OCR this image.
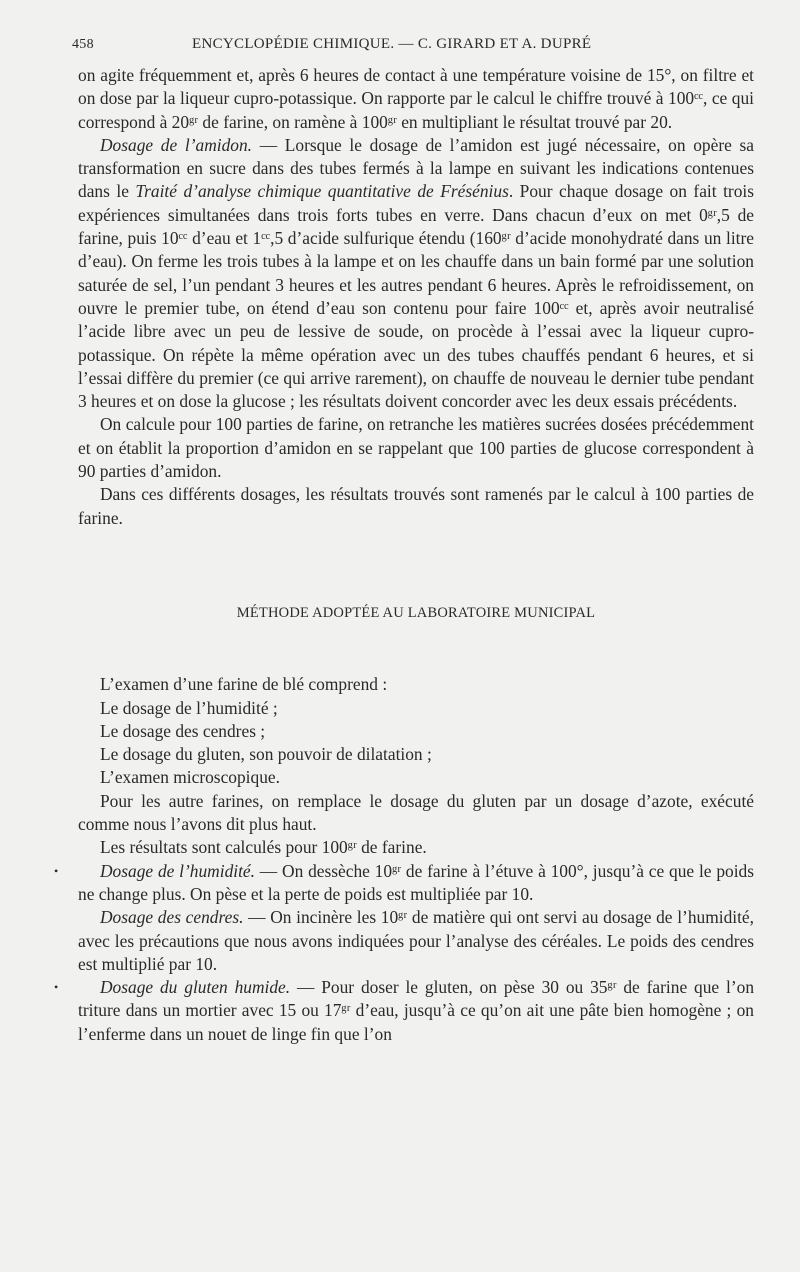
458	ENCYCLOPÉDIE CHIMIQUE. — C. GIRARD ET A. DUPRÉ

on agite fréquemment et, après 6 heures de contact à une température voisine de 15°, on filtre et on dose par la liqueur cupro-potassique. On rapporte par le calcul le chiffre trouvé à 100ᶜᶜ, ce qui correspond à 20ᵍʳ de farine, on ramène à 100ᵍʳ en multipliant le résultat trouvé par 20.

Dosage de l’amidon. — Lorsque le dosage de l’amidon est jugé nécessaire, on opère sa transformation en sucre dans des tubes fermés à la lampe en suivant les indications contenues dans le Traité d’analyse chimique quantitative de Frésénius. Pour chaque dosage on fait trois expériences simultanées dans trois forts tubes en verre. Dans chacun d’eux on met 0ᵍʳ,5 de farine, puis 10ᶜᶜ d’eau et 1ᶜᶜ,5 d’acide sulfurique étendu (160ᵍʳ d’acide monohydraté dans un litre d’eau). On ferme les trois tubes à la lampe et on les chauffe dans un bain formé par une solution saturée de sel, l’un pendant 3 heures et les autres pendant 6 heures. Après le refroidissement, on ouvre le premier tube, on étend d’eau son contenu pour faire 100ᶜᶜ et, après avoir neutralisé l’acide libre avec un peu de lessive de soude, on procède à l’essai avec la liqueur cupro-potassique. On répète la même opération avec un des tubes chauffés pendant 6 heures, et si l’essai diffère du premier (ce qui arrive rarement), on chauffe de nouveau le dernier tube pendant 3 heures et on dose la glucose ; les résultats doivent concorder avec les deux essais précédents.

On calcule pour 100 parties de farine, on retranche les matières sucrées dosées précédemment et on établit la proportion d’amidon en se rappelant que 100 parties de glucose correspondent à 90 parties d’amidon.

Dans ces différents dosages, les résultats trouvés sont ramenés par le calcul à 100 parties de farine.

MÉTHODE ADOPTÉE AU LABORATOIRE MUNICIPAL

L’examen d’une farine de blé comprend :

Le dosage de l’humidité ;

Le dosage des cendres ;

Le dosage du gluten, son pouvoir de dilatation ;

L’examen microscopique.

Pour les autre farines, on remplace le dosage du gluten par un dosage d’azote, exécuté comme nous l’avons dit plus haut.

Les résultats sont calculés pour 100ᵍʳ de farine.

• Dosage de l’humidité. — On dessèche 10ᵍʳ de farine à l’étuve à 100°, jusqu’à ce que le poids ne change plus. On pèse et la perte de poids est multipliée par 10.

Dosage des cendres. — On incinère les 10ᵍʳ de matière qui ont servi au dosage de l’humidité, avec les précautions que nous avons indiquées pour l’analyse des céréales. Le poids des cendres est multiplié par 10.

• Dosage du gluten humide. — Pour doser le gluten, on pèse 30 ou 35ᵍʳ de farine que l’on triture dans un mortier avec 15 ou 17ᵍʳ d’eau, jusqu’à ce qu’on ait une pâte bien homogène ; on l’enferme dans un nouet de linge fin que l’on
